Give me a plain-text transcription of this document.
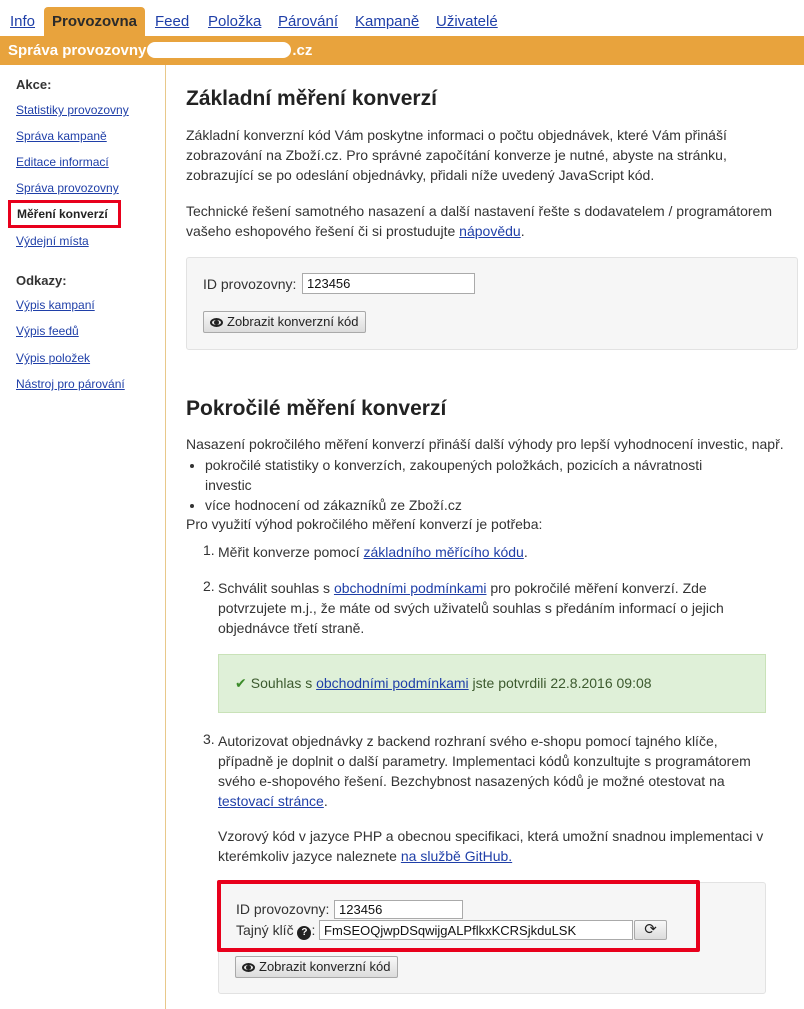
Info	Provozovna	Feed Položka Párování Kampaně Uživatelé
Správa provozovny	.cz
Akce:
Statistiky provozovny
Správa kampaně
Editace informací
Správa provozovny
Měření konverzí
Výdejní místa
Odkazy:
Výpis kampaní
Výpis feedů
Výpis položek
Nástroj pro párování
Základní měření konverzí

Základní konverzní kód Vám poskytne informaci o počtu objednávek, které Vám přináší zobrazování na Zboží.cz. Pro správné započítání konverze je nutné, abyste na stránku, zobrazující se po odeslání objednávky, přidali níže uvedený JavaScript kód.

Technické řešení samotného nasazení a další nastavení řešte s dodavatelem / programátorem vašeho eshopového řešení či si prostudujte nápovědu.

ID provozovny:
123456
Zobrazit konverzní kód
Pokročilé měření konverzí

Nasazení pokročilého měření konverzí přináší další výhody pro lepší vyhodnocení investic, např.

• pokročilé statistiky o konverzích, zakoupených položkách, pozicích a návratnosti investic
• více hodnocení od zákazníků ze Zboží.cz

Pro využití výhod pokročilého měření konverzí je potřeba:

1. Měřit konverze pomocí základního měřícího kódu.

2. Schválit souhlas s obchodními podmínkami pro pokročilé měření konverzí. Zde potvrzujete m.j., že máte od svých uživatelů souhlas s předáním informací o jejich objednávce třetí straně.

✔ Souhlas s obchodními podmínkami jste potvrdili 22.8.2016 09:08
3. Autorizovat objednávky z backend rozhraní svého e-shopu pomocí tajného klíče, případně je doplnit o další parametry. Implementaci kódů konzultujte s programátorem svého e-shopového řešení. Bezchybnost nasazených kódů je možné otestovat na testovací stránce.

Vzorový kód v jazyce PHP a obecnou specifikaci, která umožní snadnou implementaci v kterémkoliv jazyce naleznete na službě GitHub.

ID provozovny:
123456
Tajný klíč ? :
FmSEOQjwpDSqwijgALPflkxKCRSjkduLSK	⟳
Zobrazit konverzní kód
